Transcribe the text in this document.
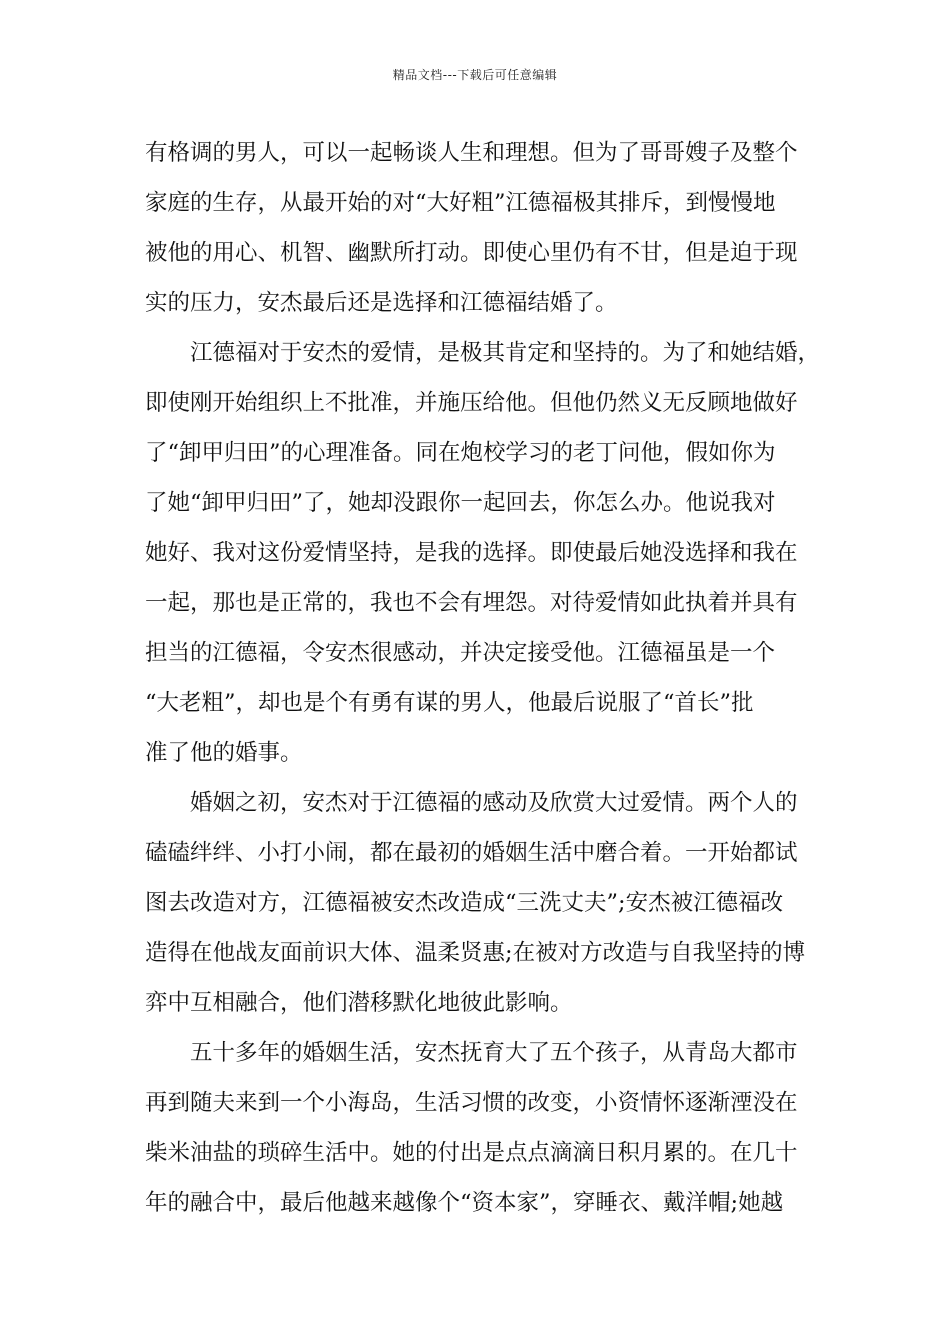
精品文档---下载后可任意编辑
有格调的男人，可以一起畅谈人生和理想。但为了哥哥嫂子及整个
家庭的生存，从最开始的对“大好粗”江德福极其排斥，到慢慢地
被他的用心、机智、幽默所打动。即使心里仍有不甘，但是迫于现
实的压力，安杰最后还是选择和江德福结婚了。
　　江德福对于安杰的爱情，是极其肯定和坚持的。为了和她结婚，
即使刚开始组织上不批准，并施压给他。但他仍然义无反顾地做好
了“卸甲归田”的心理准备。同在炮校学习的老丁问他，假如你为
了她“卸甲归田”了，她却没跟你一起回去，你怎么办。他说我对
她好、我对这份爱情坚持，是我的选择。即使最后她没选择和我在
一起，那也是正常的，我也不会有埋怨。对待爱情如此执着并具有
担当的江德福，令安杰很感动，并决定接受他。江德福虽是一个
“大老粗”，却也是个有勇有谋的男人，他最后说服了“首长”批
准了他的婚事。
　　婚姻之初，安杰对于江德福的感动及欣赏大过爱情。两个人的
磕磕绊绊、小打小闹，都在最初的婚姻生活中磨合着。一开始都试
图去改造对方，江德福被安杰改造成“三洗丈夫”;安杰被江德福改
造得在他战友面前识大体、温柔贤惠;在被对方改造与自我坚持的博
弈中互相融合，他们潜移默化地彼此影响。
　　五十多年的婚姻生活，安杰抚育大了五个孩子，从青岛大都市
再到随夫来到一个小海岛，生活习惯的改变，小资情怀逐渐湮没在
柴米油盐的琐碎生活中。她的付出是点点滴滴日积月累的。在几十
年的融合中，最后他越来越像个“资本家”，穿睡衣、戴洋帽;她越
